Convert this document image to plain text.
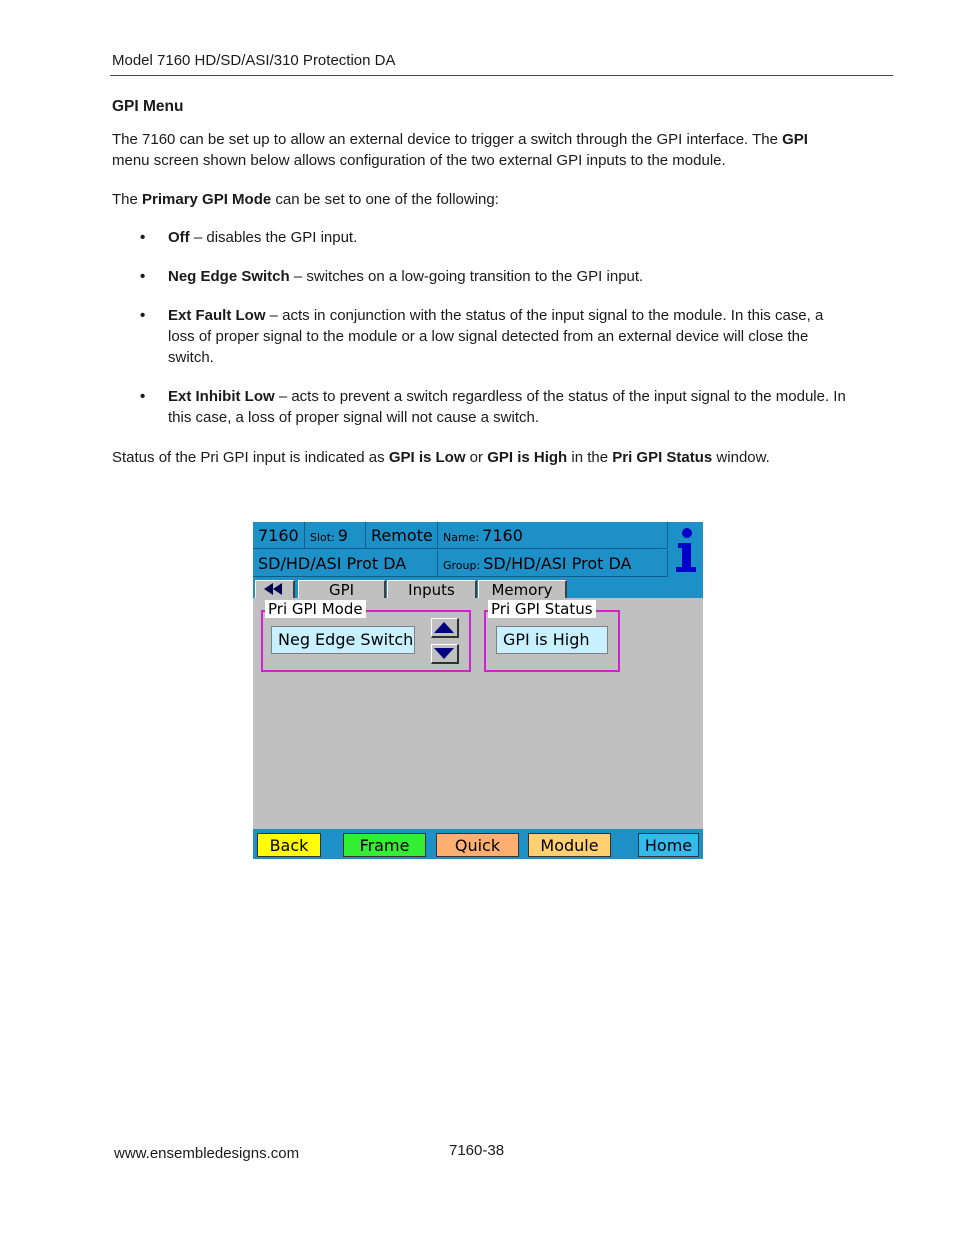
Model 7160 HD/SD/ASI/310 Protection DA
GPI Menu

The 7160 can be set up to allow an external device to trigger a switch through the GPI interface. The GPI menu screen shown below allows configuration of the two external GPI inputs to the module.

The Primary GPI Mode can be set to one of the following:

• Off – disables the GPI input.
• Neg Edge Switch – switches on a low-going transition to the GPI input.
• Ext Fault Low – acts in conjunction with the status of the input signal to the module. In this case, a loss of proper signal to the module or a low signal detected from an external device will close the switch.
• Ext Inhibit Low – acts to prevent a switch regardless of the status of the input signal to the module. In this case, a loss of proper signal will not cause a switch.

Status of the Pri GPI input is indicated as GPI is Low or GPI is High in the Pri GPI Status window.

7160	Slot: 9	Remote Name: 7160
SD/HD/ASI Prot DA	Group: SD/HD/ASI Prot DA
GPI	Inputs	Memory
Pri GPI Mode
Neg Edge Switch
Pri GPI Status
GPI is High
Back	Frame	Quick	Module	Home
www.ensembledesigns.com	7160-38
